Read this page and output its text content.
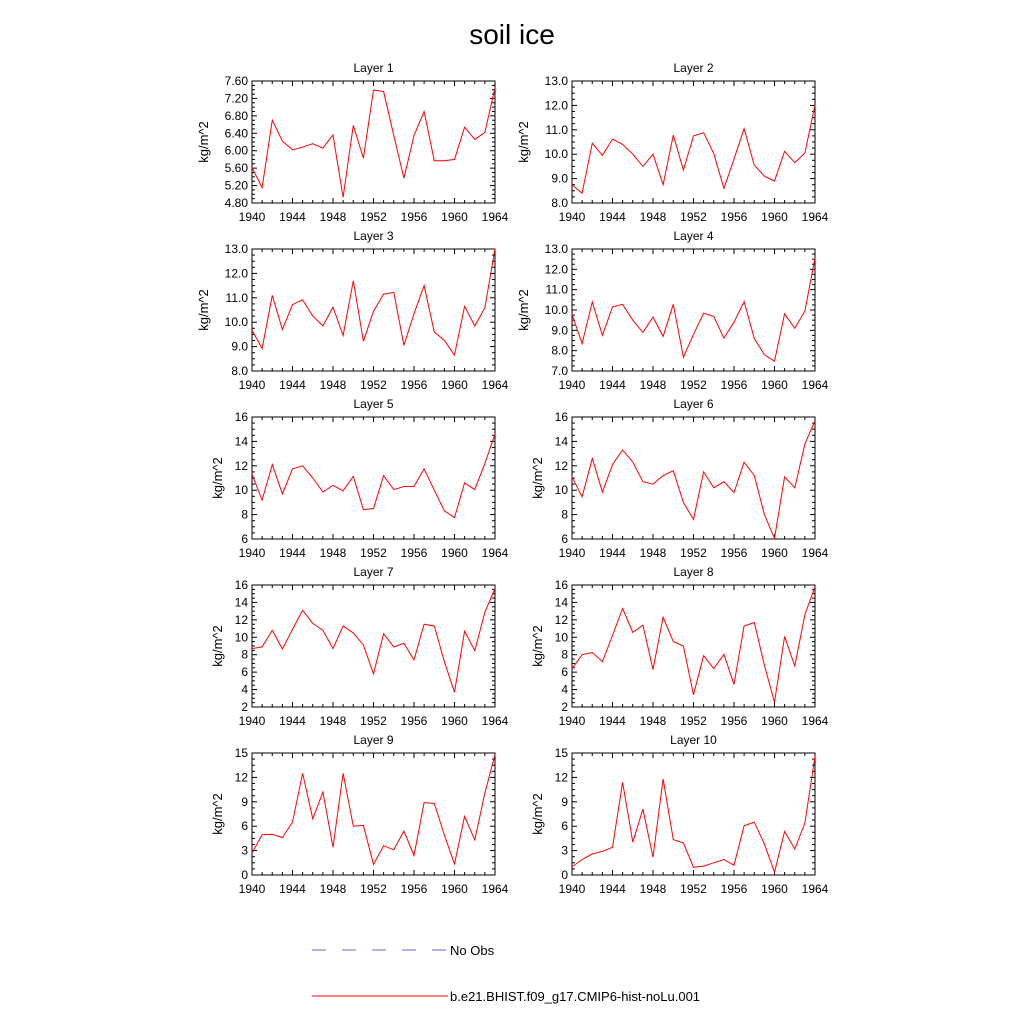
soil ice
Layer 1
1940 1944 1948 1952 1956 1960 1964
4.80
5.20
5.60
6.00
6.40
6.80
7.20
7.60
kg/m^2
Layer 2
1940 1944 1948 1952 1956 1960 1964
8.0
9.0
10.0
11.0
12.0
13.0
kg/m^2
Layer 3
1940 1944 1948 1952 1956 1960 1964
8.0
9.0
10.0
11.0
12.0
13.0
kg/m^2
Layer 4
1940 1944 1948 1952 1956 1960 1964
7.0
8.0
9.0
10.0
11.0
12.0
13.0
kg/m^2
Layer 5
1940 1944 1948 1952 1956 1960 1964
6
8
10
12
14
16
kg/m^2
Layer 6
1940 1944 1948 1952 1956 1960 1964
6
8
10
12
14
16
kg/m^2
Layer 7
1940 1944 1948 1952 1956 1960 1964
2
4
6
8
10
12
14
16
kg/m^2
Layer 8
1940 1944 1948 1952 1956 1960 1964
2
4
6
8
10
12
14
16
kg/m^2
Layer 9
1940 1944 1948 1952 1956 1960 1964
0
3
6
9
12
15
kg/m^2
Layer 10
1940 1944 1948 1952 1956 1960 1964
0
3
6
9
12
15
kg/m^2
No Obs
b.e21.BHIST.f09_g17.CMIP6-hist-noLu.001
